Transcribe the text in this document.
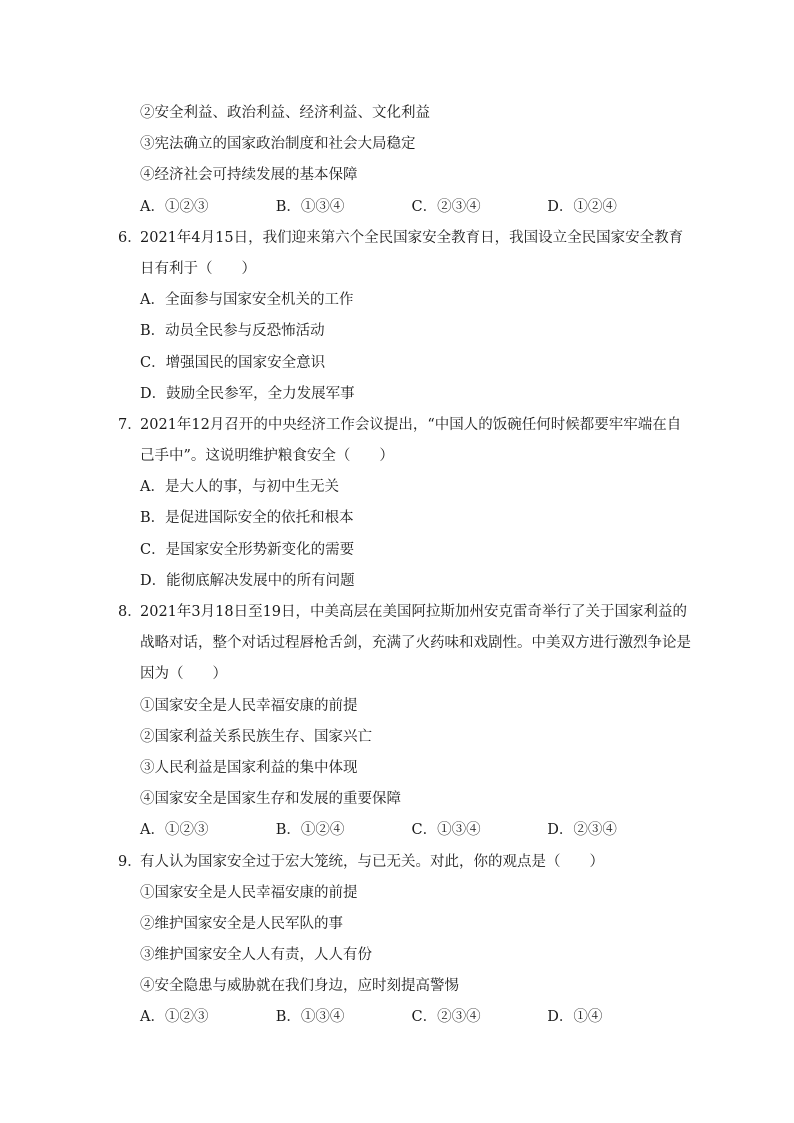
②安全利益、政治利益、经济利益、文化利益
③宪法确立的国家政治制度和社会大局稳定
④经济社会可持续发展的基本保障
A．①②③	B．①③④	C．②③④	D．①②④
6．2021年4月15日，我们迎来第六个全民国家安全教育日，我国设立全民国家安全教育
日有利于（　　）
A．全面参与国家安全机关的工作
B．动员全民参与反恐怖活动
C．增强国民的国家安全意识
D．鼓励全民参军，全力发展军事
7．2021年12月召开的中央经济工作会议提出，“中国人的饭碗任何时候都要牢牢端在自
己手中”。这说明维护粮食安全（　　）
A．是大人的事，与初中生无关
B．是促进国际安全的依托和根本
C．是国家安全形势新变化的需要
D．能彻底解决发展中的所有问题
8．2021年3月18日至19日，中美高层在美国阿拉斯加州安克雷奇举行了关于国家利益的
战略对话，整个对话过程唇枪舌剑，充满了火药味和戏剧性。中美双方进行激烈争论是
因为（　　）
①国家安全是人民幸福安康的前提
②国家利益关系民族生存、国家兴亡
③人民利益是国家利益的集中体现
④国家安全是国家生存和发展的重要保障
A．①②③	B．①②④	C．①③④	D．②③④
9．有人认为国家安全过于宏大笼统，与已无关。对此，你的观点是（　　）
①国家安全是人民幸福安康的前提
②维护国家安全是人民军队的事
③维护国家安全人人有责，人人有份
④安全隐患与威胁就在我们身边，应时刻提高警惕
A．①②③	B．①③④	C．②③④	D．①④
